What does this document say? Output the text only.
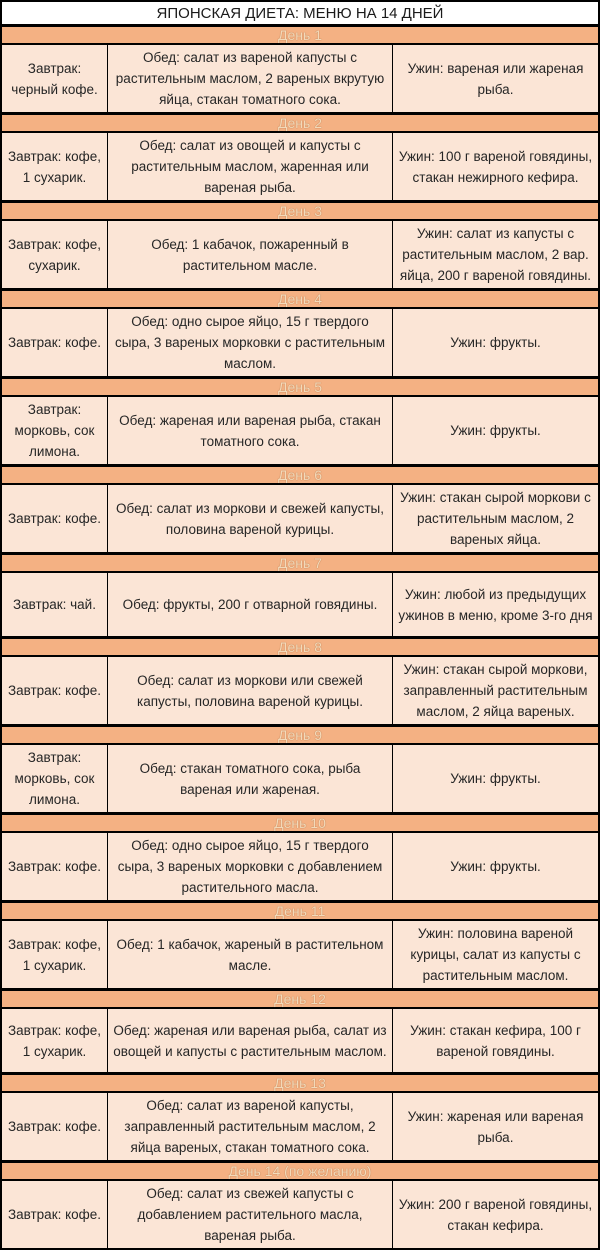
ЯПОНСКАЯ ДИЕТА: МЕНЮ НА 14 ДНЕЙ
День 1
Завтрак: черный кофе.
Обед: салат из вареной капусты с растительным маслом, 2 вареных вкрутую яйца, стакан томатного сока.
Ужин: вареная или жареная рыба.
День 2
Завтрак: кофе, 1 сухарик.
Обед: салат из овощей и капусты с растительным маслом, жаренная или вареная рыба.
Ужин: 100 г вареной говядины, стакан нежирного кефира.
День 3
Завтрак: кофе, сухарик.
Обед: 1 кабачок, пожаренный в растительном масле.
Ужин: салат из капусты с растительным маслом, 2 вар. яйца, 200 г вареной говядины.
День 4
Завтрак: кофе.
Обед: одно сырое яйцо, 15 г твердого сыра, 3 вареных морковки с растительным маслом.
Ужин: фрукты.
День 5
Завтрак: морковь, сок лимона.
Обед: жареная или вареная рыба, стакан томатного сока.
Ужин: фрукты.
День 6
Завтрак: кофе.
Обед: салат из моркови и свежей капусты, половина вареной курицы.
Ужин: стакан сырой моркови с растительным маслом, 2 вареных яйца.
День 7
Завтрак: чай.	Обед: фрукты, 200 г отварной говядины.
Ужин: любой из предыдущих ужинов в меню, кроме 3-го дня
День 8
Завтрак: кофе.
Обед: салат из моркови или свежей капусты, половина вареной курицы.
Ужин: стакан сырой моркови, заправленный растительным маслом, 2 яйца вареных.
День 9
Завтрак: морковь, сок лимона.
Обед: стакан томатного сока, рыба вареная или жареная.
Ужин: фрукты.
День 10
Завтрак: кофе.
Обед: одно сырое яйцо, 15 г твердого сыра, 3 вареных морковки с добавлением растительного масла.
Ужин: фрукты.
День 11
Завтрак: кофе, 1 сухарик.
Обед: 1 кабачок, жареный в растительном масле.
Ужин: половина вареной курицы, салат из капусты с растительным маслом.
День 12
Завтрак: кофе, 1 сухарик.
Обед: жареная или вареная рыба, салат из овощей и капусты с растительным маслом.
Ужин: стакан кефира, 100 г вареной говядины.
День 13
Завтрак: кофе.
Обед: салат из вареной капусты, заправленный растительным маслом, 2 яйца вареных, стакан томатного сока.
Ужин: жареная или вареная рыба.
День 14 (по желанию)
Завтрак: кофе.
Обед: салат из свежей капусты с добавлением растительного масла, вареная рыба.
Ужин: 200 г вареной говядины, стакан кефира.
